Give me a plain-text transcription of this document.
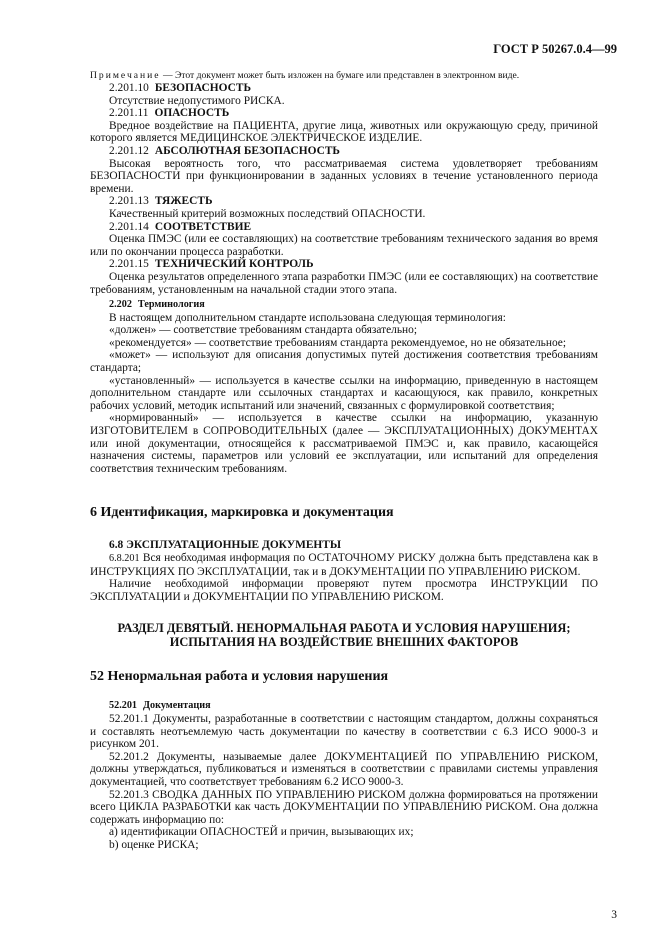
ГОСТ Р 50267.0.4—99

Примечание — Этот документ может быть изложен на бумаге или представлен в электронном виде.

2.201.10 БЕЗОПАСНОСТЬ

Отсутствие недопустимого РИСКА.

2.201.11 ОПАСНОСТЬ

Вредное воздействие на ПАЦИЕНТА, другие лица, животных или окружающую среду, причиной которого является МЕДИЦИНСКОЕ ЭЛЕКТРИЧЕСКОЕ ИЗДЕЛИЕ.

2.201.12 АБСОЛЮТНАЯ БЕЗОПАСНОСТЬ

Высокая вероятность того, что рассматриваемая система удовлетворяет требованиям БЕЗОПАСНОСТИ при функционировании в заданных условиях в течение установленного периода времени.

2.201.13 ТЯЖЕСТЬ

Качественный критерий возможных последствий ОПАСНОСТИ.

2.201.14 СООТВЕТСТВИЕ

Оценка ПМЭС (или ее составляющих) на соответствие требованиям технического задания во время или по окончании процесса разработки.

2.201.15 ТЕХНИЧЕСКИЙ КОНТРОЛЬ

Оценка результатов определенного этапа разработки ПМЭС (или ее составляющих) на соответствие требованиям, установленным на начальной стадии этого этапа.

2.202 Терминология

В настоящем дополнительном стандарте использована следующая терминология:

«должен» — соответствие требованиям стандарта обязательно;

«рекомендуется» — соответствие требованиям стандарта рекомендуемое, но не обязательное;

«может» — используют для описания допустимых путей достижения соответствия требованиям стандарта;

«установленный» — используется в качестве ссылки на информацию, приведенную в настоящем дополнительном стандарте или ссылочных стандартах и касающуюся, как правило, конкретных рабочих условий, методик испытаний или значений, связанных с формулировкой соответствия;

«нормированный» — используется в качестве ссылки на информацию, указанную ИЗГОТОВИТЕЛЕМ в СОПРОВОДИТЕЛЬНЫХ (далее — ЭКСПЛУАТАЦИОННЫХ) ДОКУМЕНТАХ или иной документации, относящейся к рассматриваемой ПМЭС и, как правило, касающейся назначения системы, параметров или условий ее эксплуатации, или испытаний для определения соответствия техническим требованиям.

6 Идентификация, маркировка и документация

6.8 ЭКСПЛУАТАЦИОННЫЕ ДОКУМЕНТЫ

6.8.201 Вся необходимая информация по ОСТАТОЧНОМУ РИСКУ должна быть представлена как в ИНСТРУКЦИЯХ ПО ЭКСПЛУАТАЦИИ, так и в ДОКУМЕНТАЦИИ ПО УПРАВЛЕНИЮ РИСКОМ.

Наличие необходимой информации проверяют путем просмотра ИНСТРУКЦИИ ПО ЭКСПЛУАТАЦИИ и ДОКУМЕНТАЦИИ ПО УПРАВЛЕНИЮ РИСКОМ.

РАЗДЕЛ ДЕВЯТЫЙ. НЕНОРМАЛЬНАЯ РАБОТА И УСЛОВИЯ НАРУШЕНИЯ;
ИСПЫТАНИЯ НА ВОЗДЕЙСТВИЕ ВНЕШНИХ ФАКТОРОВ
52 Ненормальная работа и условия нарушения

52.201 Документация

52.201.1 Документы, разработанные в соответствии с настоящим стандартом, должны сохраняться и составлять неотъемлемую часть документации по качеству в соответствии с 6.3 ИСО 9000-3 и рисунком 201.

52.201.2 Документы, называемые далее ДОКУМЕНТАЦИЕЙ ПО УПРАВЛЕНИЮ РИСКОМ, должны утверждаться, публиковаться и изменяться в соответствии с правилами системы управления документацией, что соответствует требованиям 6.2 ИСО 9000-3.

52.201.3 СВОДКА ДАННЫХ ПО УПРАВЛЕНИЮ РИСКОМ должна формироваться на протяжении всего ЦИКЛА РАЗРАБОТКИ как часть ДОКУМЕНТАЦИИ ПО УПРАВЛЕНИЮ РИСКОМ. Она должна содержать информацию по:

a) идентификации ОПАСНОСТЕЙ и причин, вызывающих их;

b) оценке РИСКА;

3
